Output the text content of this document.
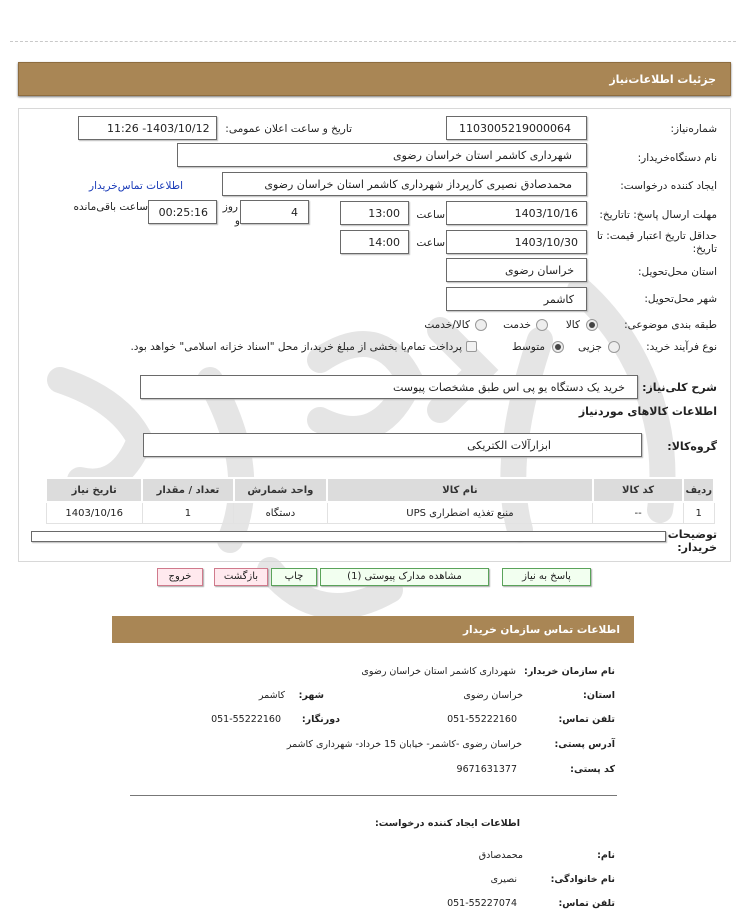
جزئیات اطلاعات‌نیاز
شماره‌نیاز:
1103005219000064
تاریخ و ساعت اعلان عمومی:
1403/10/12- 11:26
نام دستگاه‌خریدار:
شهرداری کاشمر استان خراسان رضوی
ایجاد کننده درخواست:
محمدصادق نصیری کارپرداز شهرداری کاشمر استان خراسان رضوی
اطلاعات تماس‌خریدار
مهلت ارسال پاسخ: تاتاریخ:
1403/10/16
ساعت
13:00
4
روز
و
00:25:16
ساعت باقی‌مانده
حداقل تاریخ اعتبار قیمت: تا تاریخ:
1403/10/30
ساعت
14:00
استان محل‌تحویل:
خراسان رضوی
شهر محل‌تحویل:
کاشمر
طبقه بندی موضوعی:
کالا
خدمت
کالا/خدمت
نوع فرآیند خرید:
جزیی
متوسط
پرداخت تمام‌یا بخشی از مبلغ خرید،از محل "اسناد خزانه اسلامی" خواهد بود.
شرح کلی‌نیاز:
خرید یک دستگاه یو پی اس طبق مشخصات پیوست
اطلاعات کالاهای موردنیاز
گروه‌کالا:
ابزارآلات الکتریکی
ردیف	کد کالا	نام کالا	واحد شمارش	تعداد / مقدار	تاریخ نیاز
1	--	منبع تغذیه اضطراری UPS	دستگاه	1	1403/10/16
توضیحات خریدار:
پاسخ به نیاز
مشاهده مدارک پیوستی (1)
چاپ
بازگشت
خروج
اطلاعات تماس سازمان خریدار
نام سازمان خریدار:
شهرداری کاشمر استان خراسان رضوی
استان:
خراسان رضوی
شهر:
کاشمر
تلفن تماس:
051-55222160
دورنگار:
051-55222160
آدرس پستی:
خراسان رضوی -کاشمر- خیابان 15 خرداد- شهرداری کاشمر
کد پستی:
9671631377
اطلاعات ایجاد کننده درخواست:
نام:
محمدصادق
نام خانوادگی:
نصیری
تلفن تماس:
051-55227074
